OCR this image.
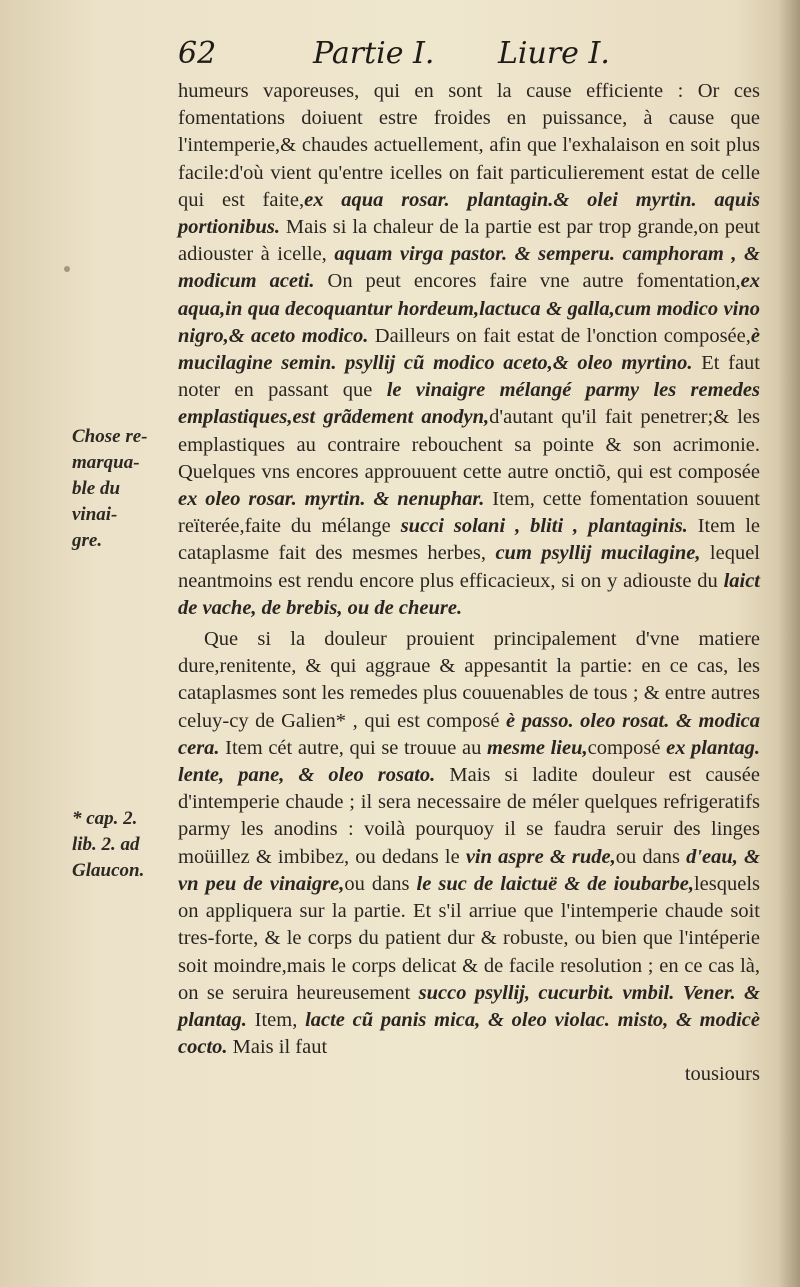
62	Partie I. Liure I.
Chose re-
marqua-
ble du
vinai-
gre.
* cap. 2.
lib. 2. ad
Glaucon.

humeurs vaporeuses, qui en sont la cause efficiente : Or ces fomentations doiuent estre froides en puissance, à cause que l'intemperie,& chaudes actuellement, afin que l'exhalaison en soit plus facile:d'où vient qu'entre icelles on fait particulierement estat de celle qui est faite,ex aqua rosar. plantagin.& olei myrtin. aquis portionibus. Mais si la chaleur de la partie est par trop grande,on peut adiouster à icelle, aquam virga pastor. & semperu. camphoram , & modicum aceti. On peut encores faire vne autre fomentation,ex aqua,in qua decoquantur hordeum,lactuca & galla,cum modico vino nigro,& aceto modico. Dailleurs on fait estat de l'onction composée,è mucilagine semin. psyllij cũ modico aceto,& oleo myrtino. Et faut noter en passant que le vinaigre mélangé parmy les remedes emplastiques,est grãdement anodyn,d'autant qu'il fait penetrer;& les emplastiques au contraire rebouchent sa pointe & son acrimonie. Quelques vns encores approuuent cette autre onctiõ, qui est composée ex oleo rosar. myrtin. & nenuphar. Item, cette fomentation souuent reïterée,faite du mélange succi solani , bliti , plantaginis. Item le cataplasme fait des mesmes herbes, cum psyllij mucilagine, lequel neantmoins est rendu encore plus efficacieux, si on y adiouste du laict de vache, de brebis, ou de cheure.

Que si la douleur prouient principalement d'vne matiere dure,renitente, & qui aggraue & appesantit la partie: en ce cas, les cataplasmes sont les remedes plus couuenables de tous ; & entre autres celuy-cy de Galien* , qui est composé è passo. oleo rosat. & modica cera. Item cét autre, qui se trouue au mesme lieu,composé ex plantag. lente, pane, & oleo rosato. Mais si ladite douleur est causée d'intemperie chaude ; il sera necessaire de méler quelques refrigeratifs parmy les anodins : voilà pourquoy il se faudra seruir des linges moüillez & imbibez, ou dedans le vin aspre & rude,ou dans d'eau, & vn peu de vinaigre,ou dans le suc de laictuë & de ioubarbe,lesquels on appliquera sur la partie. Et s'il arriue que l'intemperie chaude soit tres-forte, & le corps du patient dur & robuste, ou bien que l'intéperie soit moindre,mais le corps delicat & de facile resolution ; en ce cas là, on se seruira heureusement succo psyllij, cucurbit. vmbil. Vener. & plantag. Item, lacte cũ panis mica, & oleo violac. misto, & modicè cocto. Mais il faut

tousiours
